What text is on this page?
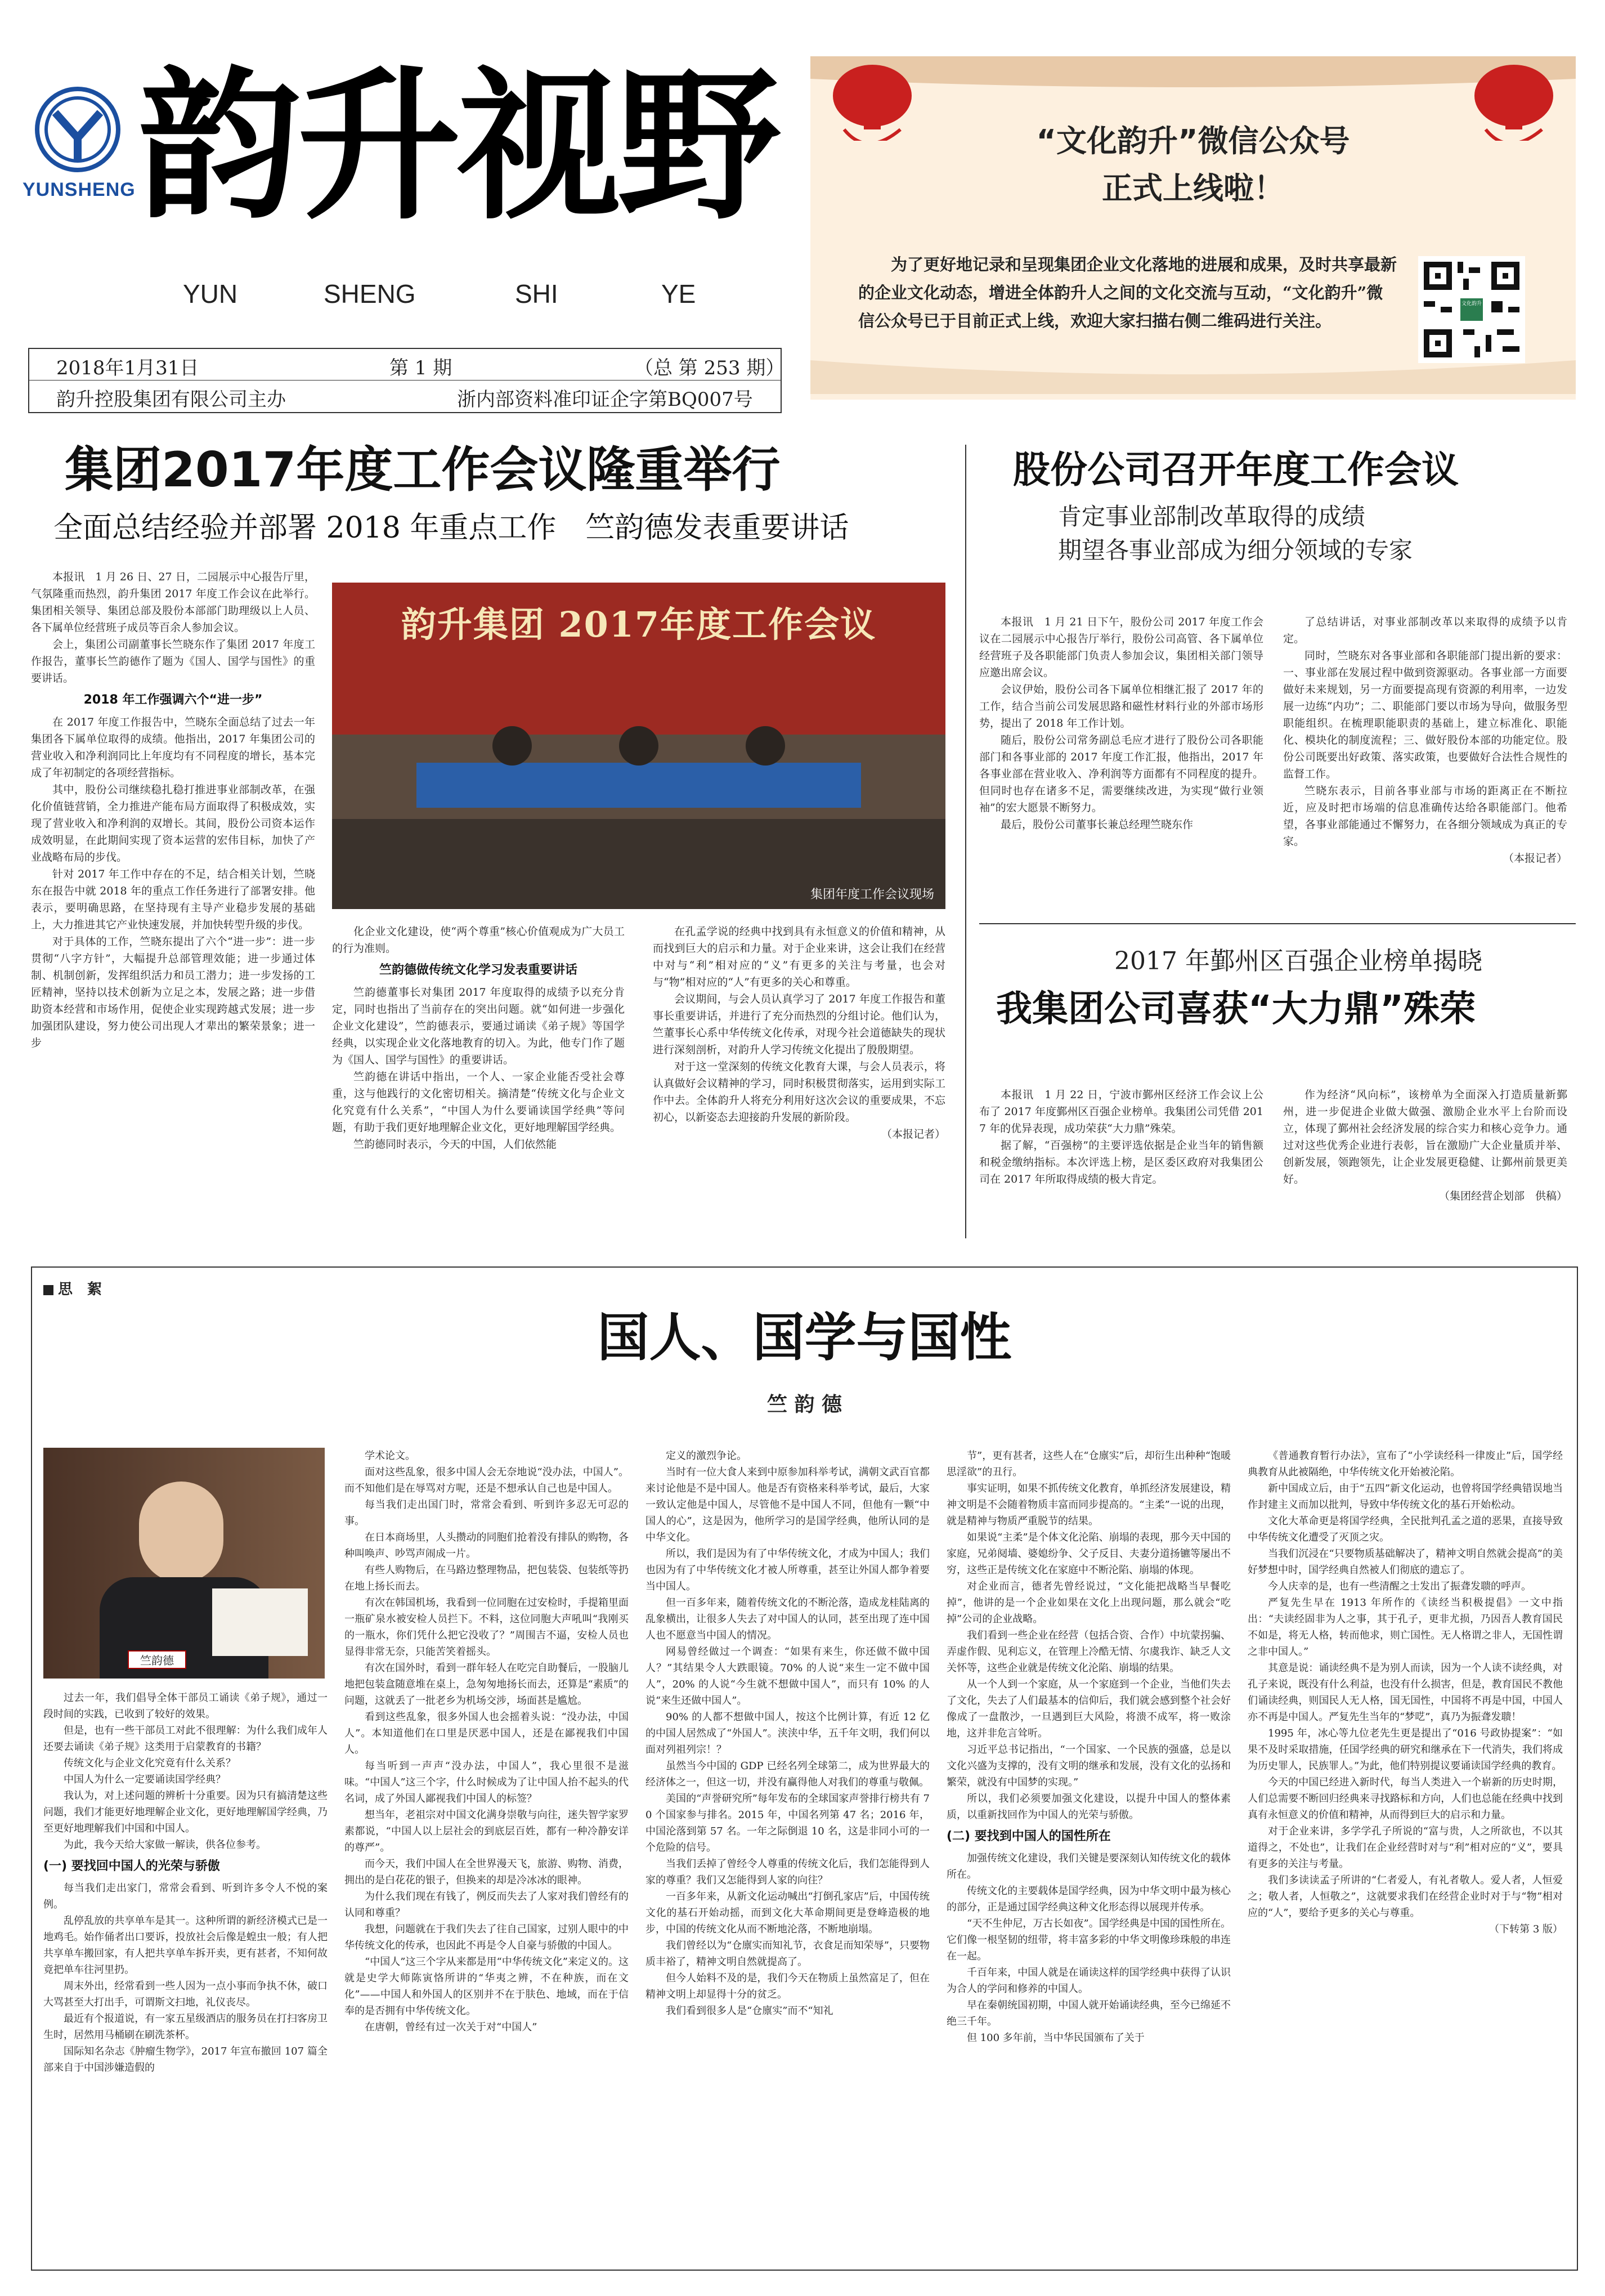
YUNSHENG 韵升视野
YUN	SHENG	SHI	YE
2018年1月31日	第 1 期	（总 第 253 期）
韵升控股集团有限公司主办	浙内部资料准印证企字第BQ007号
“文化韵升”微信公众号
正式上线啦！
为了更好地记录和呈现集团企业文化落地的进展和成果，及时共享最新的企业文化动态，增进全体韵升人之间的文化交流与互动，“文化韵升”微信公众号已于目前正式上线，欢迎大家扫描右侧二维码进行关注。
文化韵升
集团2017年度工作会议隆重举行
全面总结经验并部署 2018 年重点工作　竺韵德发表重要讲话

本报讯　1 月 26 日、27 日，二园展示中心报告厅里，气氛隆重而热烈，韵升集团 2017 年度工作会议在此举行。集团相关领导、集团总部及股份本部部门助理级以上人员、各下属单位经营班子成员等百余人参加会议。

会上，集团公司副董事长竺晓东作了集团 2017 年度工作报告，董事长竺韵德作了题为《国人、国学与国性》的重要讲话。

2018 年工作强调六个“进一步”

在 2017 年度工作报告中，竺晓东全面总结了过去一年集团各下属单位取得的成绩。他指出，2017 年集团公司的营业收入和净利润同比上年度均有不同程度的增长，基本完成了年初制定的各项经营指标。

其中，股份公司继续稳扎稳打推进事业部制改革，在强化价值链营销，全力推进产能布局方面取得了积极成效，实现了营业收入和净利润的双增长。其间，股份公司资本运作成效明显，在此期间实现了资本运营的宏伟目标，加快了产业战略布局的步伐。

针对 2017 年工作中存在的不足，结合相关计划，竺晓东在报告中就 2018 年的重点工作任务进行了部署安排。他表示，要明确思路，在坚持现有主导产业稳步发展的基础上，大力推进其它产业快速发展，并加快转型升级的步伐。

对于具体的工作，竺晓东提出了六个“进一步”：进一步贯彻“八字方针”，大幅提升总部管理效能；进一步通过体制、机制创新，发挥组织活力和员工潜力；进一步发扬的工匠精神，坚持以技术创新为立足之本，发展之路；进一步借助资本经营和市场作用，促使企业实现跨越式发展；进一步加强团队建设，努力使公司出现人才辈出的繁荣景象；进一步

韵升集团 2017年度工作会议
集团年度工作会议现场

化企业文化建设，使“两个尊重”核心价值观成为广大员工的行为准则。

竺韵德做传统文化学习发表重要讲话

竺韵德董事长对集团 2017 年度取得的成绩予以充分肯定，同时也指出了当前存在的突出问题。就“如何进一步强化企业文化建设”，竺韵德表示，要通过诵读《弟子规》等国学经典，以实现企业文化落地教育的切入。为此，他专门作了题为《国人、国学与国性》的重要讲话。

竺韵德在讲话中指出，一个人、一家企业能否受社会尊重，这与他践行的文化密切相关。摘清楚“传统文化与企业文化究竟有什么关系”，“中国人为什么要诵读国学经典”等问题，有助于我们更好地理解企业文化，更好地理解国学经典。

竺韵德同时表示，今天的中国，人们依然能

在孔孟学说的经典中找到具有永恒意义的价值和精神，从而找到巨大的启示和力量。对于企业来讲，这会让我们在经营中对与“利”相对应的“义”有更多的关注与考量，也会对与“物”相对应的“人”有更多的关心和尊重。

会议期间，与会人员认真学习了 2017 年度工作报告和董事长重要讲话，并进行了充分而热烈的分组讨论。他们认为，竺董事长心系中华传统文化传承，对现今社会道德缺失的现状进行深刻剖析，对韵升人学习传统文化提出了殷殷期望。

对于这一堂深刻的传统文化教育大课，与会人员表示，将认真做好会议精神的学习，同时积极贯彻落实，运用到实际工作中去。全体韵升人将充分利用好这次会议的重要成果，不忘初心，以新姿态去迎接韵升发展的新阶段。

（本报记者）
股份公司召开年度工作会议
肯定事业部制改革取得的成绩
期望各事业部成为细分领域的专家

本报讯　1 月 21 日下午，股份公司 2017 年度工作会议在二园展示中心报告厅举行，股份公司高管、各下属单位经营班子及各职能部门负责人参加会议，集团相关部门领导应邀出席会议。

会议伊始，股份公司各下属单位相继汇报了 2017 年的工作，结合当前公司发展思路和磁性材料行业的外部市场形势，提出了 2018 年工作计划。

随后，股份公司常务副总毛应才进行了股份公司各职能部门和各事业部的 2017 年度工作汇报，他指出，2017 年各事业部在营业收入、净利润等方面都有不同程度的提升。但同时也存在诸多不足，需要继续改进，为实现“做行业领袖”的宏大愿景不断努力。

最后，股份公司董事长兼总经理竺晓东作

了总结讲话，对事业部制改革以来取得的成绩予以肯定。

同时，竺晓东对各事业部和各职能部门提出新的要求：一、事业部在发展过程中做到资源驱动。各事业部一方面要做好未来规划，另一方面要提高现有资源的利用率，一边发展一边练“内功”；二、职能部门要以市场为导向，做服务型职能组织。在梳理职能职责的基础上，建立标准化、职能化、模块化的制度流程；三、做好股份本部的功能定位。股份公司既要出好政策、落实政策，也要做好合法性合规性的监督工作。

竺晓东表示，目前各事业部与市场的距离正在不断拉近，应及时把市场端的信息准确传达给各职能部门。他希望，各事业部能通过不懈努力，在各细分领域成为真正的专家。

（本报记者）
2017 年鄞州区百强企业榜单揭晓
我集团公司喜获“大力鼎”殊荣

本报讯　1 月 22 日，宁波市鄞州区经济工作会议上公布了 2017 年度鄞州区百强企业榜单。我集团公司凭借 2017 年的优异表现，成功荣获“大力鼎”殊荣。

据了解，“百强榜”的主要评选依据是企业当年的销售额和税金缴纳指标。本次评选上榜，是区委区政府对我集团公司在 2017 年所取得成绩的极大肯定。

作为经济“风向标”，该榜单为全面深入打造质量新鄞州，进一步促进企业做大做强、激励企业水平上台阶而设立，体现了鄞州社会经济发展的综合实力和核心竞争力。通过对这些优秀企业进行表彰，旨在激励广大企业量质并举、创新发展，领跑领先，让企业发展更稳健、让鄞州前景更美好。

（集团经营企划部　供稿）
思　絮
国人、国学与国性
竺 韵 德
竺韵德

过去一年，我们倡导全体干部员工诵读《弟子规》，通过一段时间的实践，已收到了较好的效果。

但是，也有一些干部员工对此不很理解：为什么我们成年人还要去诵读《弟子规》这类用于启蒙教育的书籍？

传统文化与企业文化究竟有什么关系？

中国人为什么一定要诵读国学经典？

我认为，对上述问题的辨析十分重要。因为只有搞清楚这些问题，我们才能更好地理解企业文化，更好地理解国学经典，乃至更好地理解我们中国和中国人。

为此，我今天给大家做一解读，供各位参考。

(一) 要找回中国人的光荣与骄傲

每当我们走出家门，常常会看到、听到许多令人不悦的案例。

乱停乱放的共享单车是其一。这种所谓的新经济模式已是一地鸡毛。始作俑者出口要诉，投放社会后像是蝗虫一般；有人把共享单车搬回家，有人把共享单车拆开卖，更有甚者，不知何故竟把单车往河里扔。

周末外出，经常看到一些人因为一点小事而争执不休，破口大骂甚至大打出手，可谓斯文扫地，礼仪丧尽。

最近有个报道说，有一家五星级酒店的服务员在打扫客房卫生时，居然用马桶刷在刷洗茶杯。

国际知名杂志《肿瘤生物学》，2017 年宣布撤回 107 篇全部来自于中国涉嫌造假的

学术论文。

面对这些乱象，很多中国人会无奈地说“没办法，中国人”。而不知他们是在辱骂对方呢，还是不想承认自己也是中国人。

每当我们走出国门时，常常会看到、听到许多忍无可忍的事。

在日本商场里，人头攒动的同胞们抢着没有排队的购物，各种叫唤声、吵骂声闹成一片。

有些人购物后，在马路边整理物品，把包装袋、包装纸等扔在地上扬长而去。

有次在韩国机场，我看到一位同胞在过安检时，手提箱里面一瓶矿泉水被安检人员拦下。不料，这位同胞大声吼叫“我刚买的一瓶水，你们凭什么把它没收了？”周围吉不逼，安检人员也显得非常无奈，只能苦笑着摇头。

有次在国外时，看到一群年轻人在吃完自助餐后，一股脑儿地把包装盒随意堆在桌上，急匆匆地扬长而去，还算是“素质”的问题，这就丢了一批老乡为机场交涉，场面甚是尴尬。

看到这些乱象，很多外国人也会摇着头说：“没办法，中国人”。本知道他们在口里是厌恶中国人，还是在鄙视我们中国人。

每当听到一声声“没办法，中国人”，我心里很不是滋味。“中国人”这三个字，什么时候成为了让中国人抬不起头的代名词，成了外国人鄙视我们中国人的标签？

想当年，老祖宗对中国文化满身崇敬与向往，迷失智学家罗素都说，“中国人以上层社会的到底层百姓，都有一种冷静安详的尊严”。

而今天，我们中国人在全世界漫天飞，旅游、购物、消费，拥出的是白花花的银子，但换来的却是冷冰冰的眼神。

为什么我们现在有钱了，例反而失去了人家对我们曾经有的认同和尊重？

我想，问题就在于我们失去了往自己国家，过别人眼中的中华传统文化的传承，也因此不再是令人自豪与骄傲的中国人。

“中国人”这三个字从来都是用“中华传统文化”来定义的。这就是史学大师陈寅恪所讲的“华夷之辨，不在种族，而在文化”——中国人和外国人的区别并不在于肤色、地域，而在于信奉的是否拥有中华传统文化。

在唐朝，曾经有过一次关于对“中国人”

定义的激烈争论。

当时有一位大食人来到中原参加科举考试，满朝文武百官都来讨论他是不是中国人。他是否有资格来科举考试，最后，大家一致认定他是中国人，尽管他不是中国人不同，但他有一颗“中国人的心”，这是因为，他所学习的是国学经典，他所认同的是中华文化。

所以，我们是因为有了中华传统文化，才成为中国人；我们也因为有了中华传统文化才被人所尊重，甚至让外国人都争着要当中国人。

但一百多年来，随着传统文化的不断沦落，造成龙桂陆离的乱象横出，让很多人失去了对中国人的认同，甚至出现了连中国人也不愿意当中国人的情况。

网易曾经做过一个调查：“如果有来生，你还做不做中国人？”其结果令人大跌眼镜。70% 的人说“来生一定不做中国人”，20% 的人说“今生就不想做中国人”，而只有 10% 的人说“来生还做中国人”。

90% 的人都不想做中国人，按这个比例计算，有近 12 亿的中国人居然成了“外国人”。浃浃中华，五千年文明，我们何以面对列祖列宗！？

虽然当今中国的 GDP 已经名列全球第二，成为世界最大的经济体之一，但这一切，并没有赢得他人对我们的尊重与敬佩。

美国的“声誉研究所”每年发布的全球国家声誉排行榜共有 70 个国家参与排名。2015 年，中国名列第 47 名；2016 年，中国沦落到第 57 名。一年之际倒退 10 名，这是非同小可的一个危险的信号。

当我们丢掉了曾经令人尊重的传统文化后，我们怎能得到人家的尊重？我们又怎能得到人家的向往？

一百多年来，从新文化运动喊出“打倒孔家店”后，中国传统文化的基石开始动摇，而到文化大革命期间更是登峰造极的地步，中国的传统文化从而不断地沦落，不断地崩塌。

我们曾经以为“仓廪实而知礼节，衣食足而知荣辱”，只要物质丰裕了，精神文明自然就提高了。

但今人始料不及的是，我们今天在物质上虽然富足了，但在精神文明上却显得十分的贫乏。

我们看到很多人是“仓廪实”而不“知礼

节”，更有甚者，这些人在“仓廪实”后，却衍生出种种“饱暖思淫欲”的丑行。

事实证明，如果不抓传统文化教育，单抓经济发展建设，精神文明是不会随着物质丰富而同步提高的。“主柔”一说的出现，就是精神与物质严重脱节的结果。

如果说“主柔”是个体文化沦陷、崩塌的表现，那今天中国的家庭，兄弟阋墙、婆媳纷争、父子反目、夫妻分道扬镳等屡出不穷，这些正是传统文化在家庭中不断沦陷、崩塌的体现。

对企业而言，德者先曾经说过，“文化能把战略当早餐吃掉”，他讲的是一个企业如果在文化上出现问题，那么就会“吃掉”公司的企业战略。

我们看到一些企业在经营（包括合资、合作）中坑蒙拐骗、弄虚作假、见利忘义，在管理上冷酷无情、尔虞我诈、缺乏人文关怀等，这些企业就是传统文化沦陷、崩塌的结果。

从一个人到一个家庭，从一个家庭到一个企业，当他们失去了文化，失去了人们最基本的信仰后，我们就会感到整个社会好像成了一盘散沙，一旦遇到巨大风险，将溃不成军，将一败涂地，这并非危言耸听。

习近平总书记指出，“一个国家、一个民族的强盛，总是以文化兴盛为支撑的，没有文明的继承和发展，没有文化的弘扬和繁荣，就没有中国梦的实现。”

所以，我们必须要加强文化建设，以提升中国人的整体素质，以重新找回作为中国人的光荣与骄傲。

(二) 要找到中国人的国性所在

加强传统文化建设，我们关键是要深刻认知传统文化的载体所在。

传统文化的主要载体是国学经典，因为中华文明中最为核心的部分，正是通过国学经典这种文化形态得以展现并传承。

“天不生仲尼，万古长如夜”。国学经典是中国的国性所在。它们像一根坚韧的纽带，将丰富多彩的中华文明像珍珠般的串连在一起。

千百年来，中国人就是在诵读这样的国学经典中获得了认识为合人的学问和修养的中国人。

早在秦朝统国初期，中国人就开始诵读经典，至今已绵延不绝三千年。

但 100 多年前，当中华民国颁布了关于

《普通教育暂行办法》，宣布了“小学读经科一律废止”后，国学经典教育从此被隔绝，中华传统文化开始被沦陷。

新中国成立后，由于“五四”新文化运动，也曾将国学经典错误地当作封建主义而加以批判，导致中华传统文化的基石开始松动。

文化大革命更是将国学经典，全民批判孔孟之道的恶果，直接导致中华传统文化遭受了灭顶之灾。

当我们沉浸在“只要物质基础解决了，精神文明自然就会提高”的美好梦想中时，国学经典自然被人们彻底的遗忘了。

今人庆幸的是，也有一些清醒之士发出了振聋发聩的呼声。

严复先生早在 1913 年所作的《读经当积极提倡》一文中指出：“夫读经固非为人之事，其于孔子，更非尤损，乃因吾人教育国民不如是，将无人格，转而他求，则亡国性。无人格谓之非人，无国性谓之非中国人。”

其意是说：诵读经典不是为别人而读，因为一个人读不读经典，对孔子来说，既没有什么利益，也没有什么损害，但是，教育国民不教他们诵读经典，则国民人无人格，国无国性，中国将不再是中国，中国人亦不再是中国人。严复先生当年的“梦呓”，真乃为振聋发聩！

1995 年，冰心等九位老先生更是提出了“016 号政协提案”：“如果不及时采取措施，任国学经典的研究和继承在下一代消失，我们将成为历史罪人，民族罪人。”为此，他们特别提议要诵读国学经典的教育。

今天的中国已经进入新时代，每当人类进入一个崭新的历史时期，人们总需要不断回归经典来寻找路标和方向，人们也总能在经典中找到真有永恒意义的价值和精神，从而得到巨大的启示和力量。

对于企业来讲，多学学孔子所说的“富与贵，人之所欲也，不以其道得之，不处也”，让我们在企业经营时对与“利”相对应的“义”，要具有更多的关注与考量。

我们多读读孟子所讲的“仁者爱人，有礼者敬人。爱人者，人恒爱之；敬人者，人恒敬之”，这就要求我们在经营企业时对于与“物”相对应的“人”，要给予更多的关心与尊重。

（下转第 3 版）
